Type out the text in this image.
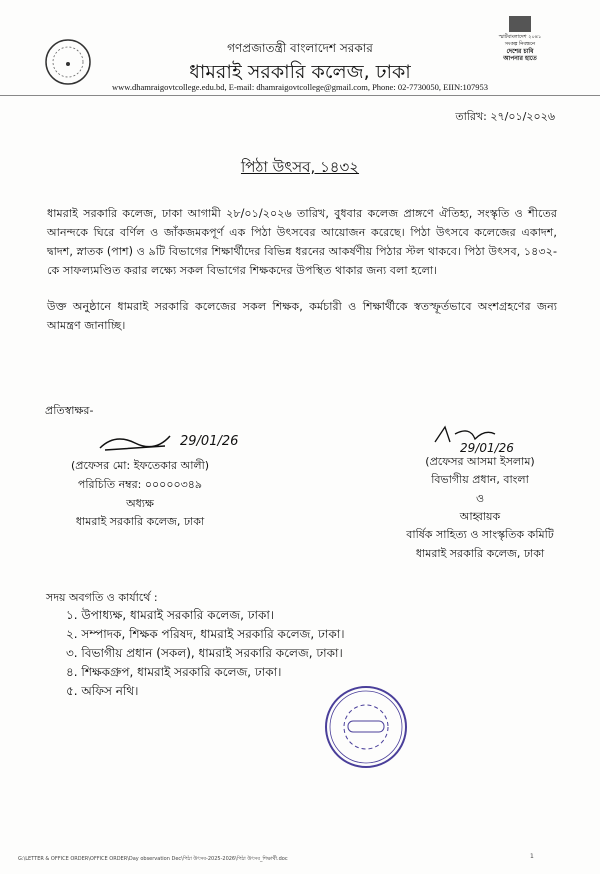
গণপ্রজাতন্ত্রী বাংলাদেশ সরকার
ধামরাই সরকারি কলেজ, ঢাকা
www.dhamraigovtcollege.edu.bd, E-mail: dhamraigovtcollege@gmail.com, Phone: 02-7730050, EIIN:107953
স্মার্টবাংলাদেশ ২০৪১
সংকল্প নিবন্ধনে
দেশের চাবি
আপনার হাতে
তারিখ: ২৭/০১/২০২৬
পিঠা উৎসব, ১৪৩২

ধামরাই সরকারি কলেজ, ঢাকা আগামী ২৮/০১/২০২৬ তারিখ, বুধবার কলেজ প্রাঙ্গণে ঐতিহ্য, সংস্কৃতি ও শীতের আনন্দকে ঘিরে বর্ণিল ও জাঁকজমকপূর্ণ এক পিঠা উৎসবের আয়োজন করেছে। পিঠা উৎসবে কলেজের একাদশ, দ্বাদশ, স্নাতক (পাশ) ও ৯টি বিভাগের শিক্ষার্থীদের বিভিন্ন ধরনের আকর্ষণীয় পিঠার স্টল থাকবে। পিঠা উৎসব, ১৪৩২-কে সাফল্যমণ্ডিত করার লক্ষ্যে সকল বিভাগের শিক্ষকদের উপস্থিত থাকার জন্য বলা হলো।

উক্ত অনুষ্ঠানে ধামরাই সরকারি কলেজের সকল শিক্ষক, কর্মচারী ও শিক্ষার্থীকে স্বতস্ফূর্তভাবে অংশগ্রহণের জন্য আমন্ত্রণ জানাচ্ছি।

প্রতিস্বাক্ষর-
29/01/26
(প্রফেসর মো: ইফতেকার আলী)
পরিচিতি নম্বর: ০০০০০৩৪৯
অধ্যক্ষ
ধামরাই সরকারি কলেজ, ঢাকা
29/01/26
(প্রফেসর আসমা ইসলাম)
বিভাগীয় প্রধান, বাংলা
ও
আহ্বায়ক
বার্ষিক সাহিত্য ও সাংস্কৃতিক কমিটি
ধামরাই সরকারি কলেজ, ঢাকা
সদয় অবগতি ও কার্যার্থে :
১. উপাধ্যক্ষ, ধামরাই সরকারি কলেজ, ঢাকা।
২. সম্পাদক, শিক্ষক পরিষদ, ধামরাই সরকারি কলেজ, ঢাকা।
৩. বিভাগীয় প্রধান (সকল), ধামরাই সরকারি কলেজ, ঢাকা।
৪. শিক্ষকগ্রুপ, ধামরাই সরকারি কলেজ, ঢাকা।
৫. অফিস নথি।
G:\LETTER & OFFICE ORDER\OFFICE ORDER\Day observation Dec\পিঠা উৎসব-2025-2026\পিঠা উৎসব_শিক্ষার্থী.doc	1
